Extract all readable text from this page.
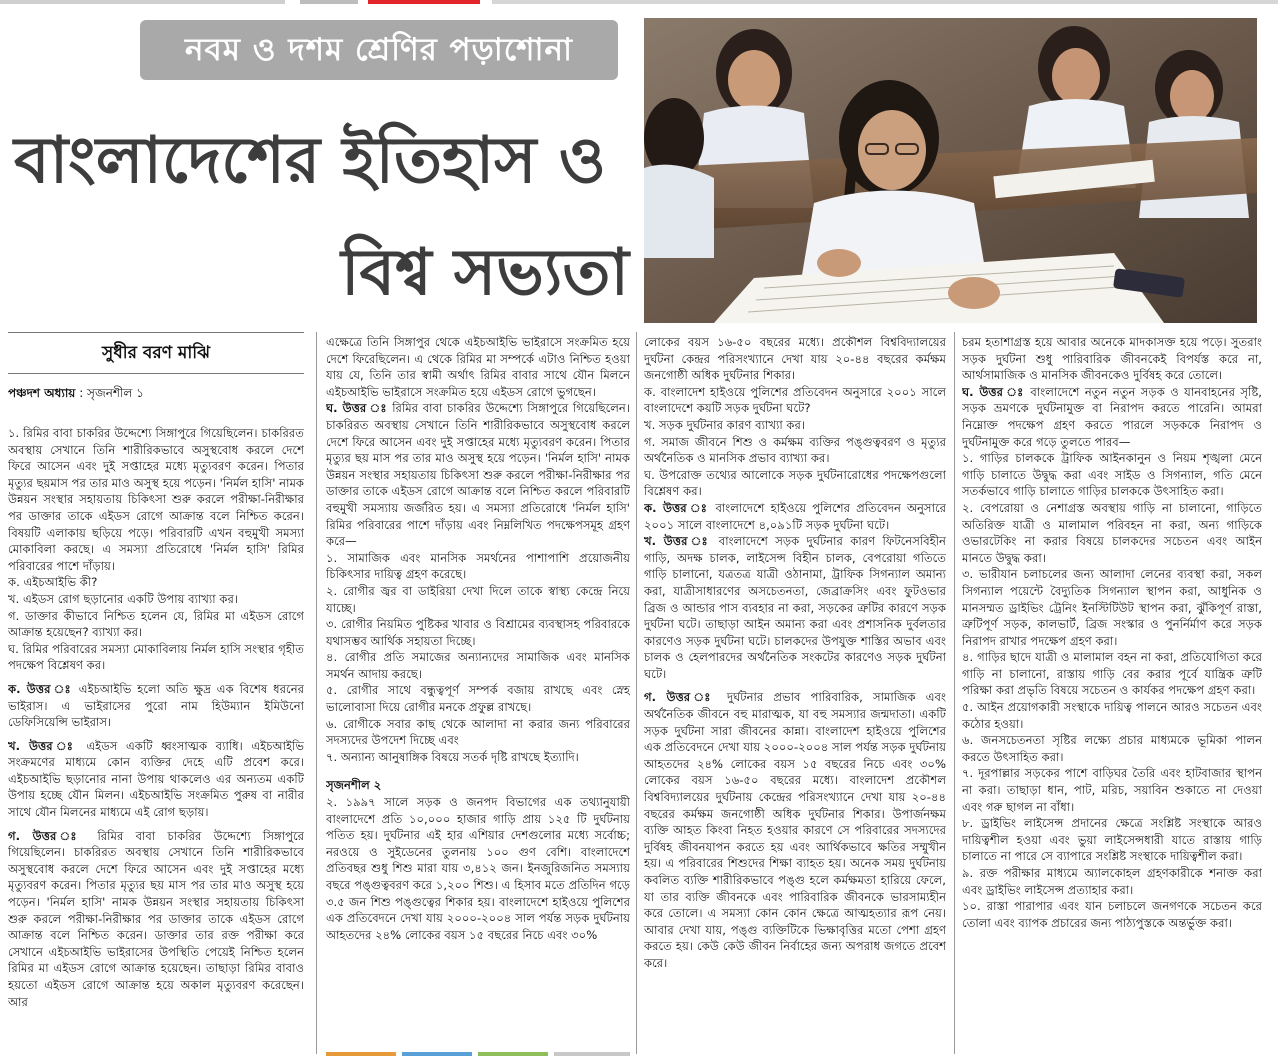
নবম ও দশম শ্রেণির পড়াশোনা
বাংলাদেশের ইতিহাস ও
বিশ্ব সভ্যতা
সুধীর বরণ মাঝি
পঞ্চদশ অধ্যায় : সৃজনশীল ১

১. রিমির বাবা চাকরির উদ্দেশ্যে সিঙ্গাপুরে গিয়েছিলেন। চাকরিরত অবস্থায় সেখানে তিনি শারীরিকভাবে অসুস্থবোধ করলে দেশে ফিরে আসেন এবং দুই সপ্তাহের মধ্যে মৃত্যুবরণ করেন। পিতার মৃত্যুর ছয়মাস পর তার মাও অসুস্থ হয়ে পড়েন। 'নির্মল হাসি' নামক উন্নয়ন সংস্থার সহায়তায় চিকিৎসা শুরু করলে পরীক্ষা-নিরীক্ষার পর ডাক্তার তাকে এইডস রোগে আক্রান্ত বলে নিশ্চিত করেন। বিষয়টি এলাকায় ছড়িয়ে পড়ে। পরিবারটি এখন বহুমুখী সমস্যা মোকাবিলা করছে। এ সমস্যা প্রতিরোধে 'নির্মল হাসি' রিমির পরিবারের পাশে দাঁড়ায়।

ক. এইচআইভি কী?

খ. এইডস রোগ ছড়ানোর একটি উপায় ব্যাখ্যা কর।

গ. ডাক্তার কীভাবে নিশ্চিত হলেন যে, রিমির মা এইডস রোগে আক্রান্ত হয়েছেন? ব্যাখ্যা কর।

ঘ. রিমির পরিবারের সমস্যা মোকাবিলায় নির্মল হাসি সংস্থার গৃহীত পদক্ষেপ বিশ্লেষণ কর।

ক. উত্তর ঃ এইচআইভি হলো অতি ক্ষুদ্র এক বিশেষ ধরনের ভাইরাস। এ ভাইরাসের পুরো নাম হিউম্যান ইমিউনো ডেফিসিয়েন্সি ভাইরাস।

খ. উত্তর ঃ এইডস একটি ধ্বংসাত্মক ব্যাধি। এইচআইভি সংক্রমণের মাধ্যমে কোন ব্যক্তির দেহে এটি প্রবেশ করে। এইচআইভি ছড়ানোর নানা উপায় থাকলেও এর অন্যতম একটি উপায় হচ্ছে যৌন মিলন। এইচআইভি সংক্রমিত পুরুষ বা নারীর সাথে যৌন মিলনের মাধ্যমে এই রোগ ছড়ায়।

গ. উত্তর ঃ রিমির বাবা চাকরির উদ্দেশ্যে সিঙ্গাপুরে গিয়েছিলেন। চাকরিরত অবস্থায় সেখানে তিনি শারীরিকভাবে অসুস্থবোধ করলে দেশে ফিরে আসেন এবং দুই সপ্তাহের মধ্যে মৃত্যুবরণ করেন। পিতার মৃত্যুর ছয় মাস পর তার মাও অসুস্থ হয়ে পড়েন। 'নির্মল হাসি' নামক উন্নয়ন সংস্থার সহায়তায় চিকিৎসা শুরু করলে পরীক্ষা-নিরীক্ষার পর ডাক্তার তাকে এইডস রোগে আক্রান্ত বলে নিশ্চিত করেন। ডাক্তার তার রক্ত পরীক্ষা করে সেখানে এইচআইভি ভাইরাসের উপস্থিতি পেয়েই নিশ্চিত হলেন রিমির মা এইডস রোগে আক্রান্ত হয়েছেন। তাছাড়া রিমির বাবাও হয়তো এইডস রোগে আক্রান্ত হয়ে অকাল মৃত্যুবরণ করেছেন। আর

এক্ষেত্রে তিনি সিঙ্গাপুর থেকে এইচআইভি ভাইরাসে সংক্রমিত হয়ে দেশে ফিরেছিলেন। এ থেকে রিমির মা সম্পর্কে এটাও নিশ্চিত হওয়া যায় যে, তিনি তার স্বামী অর্থাৎ রিমির বাবার সাথে যৌন মিলনে এইচআইভি ভাইরাসে সংক্রমিত হয়ে এইডস রোগে ভুগছেন।

ঘ. উত্তর ঃ রিমির বাবা চাকরির উদ্দেশ্যে সিঙ্গাপুরে গিয়েছিলেন। চাকরিরত অবস্থায় সেখানে তিনি শারীরিকভাবে অসুস্থবোধ করলে দেশে ফিরে আসেন এবং দুই সপ্তাহের মধ্যে মৃত্যুবরণ করেন। পিতার মৃত্যুর ছয় মাস পর তার মাও অসুস্থ হয়ে পড়েন। 'নির্মল হাসি' নামক উন্নয়ন সংস্থার সহায়তায় চিকিৎসা শুরু করলে পরীক্ষা-নিরীক্ষার পর ডাক্তার তাকে এইডস রোগে আক্রান্ত বলে নিশ্চিত করলে পরিবারটি বহুমুখী সমস্যায় জর্জরিত হয়। এ সমস্যা প্রতিরোধে 'নির্মল হাসি' রিমির পরিবারের পাশে দাঁড়ায় এবং নিম্নলিখিত পদক্ষেপসমূহ গ্রহণ করে—

১. সামাজিক এবং মানসিক সমর্থনের পাশাপাশি প্রয়োজনীয় চিকিৎসার দায়িত্ব গ্রহণ করেছে।

২. রোগীর জ্বর বা ডাইরিয়া দেখা দিলে তাকে স্বাস্থ্য কেন্দ্রে নিয়ে যাচ্ছে।

৩. রোগীর নিয়মিত পুষ্টিকর খাবার ও বিশ্রামের ব্যবস্থাসহ পরিবারকে যথাসম্ভব আর্থিক সহায়তা দিচ্ছে।

৪. রোগীর প্রতি সমাজের অন্যান্যদের সামাজিক এবং মানসিক সমর্থন আদায় করছে।

৫. রোগীর সাথে বন্ধুত্বপূর্ণ সম্পর্ক বজায় রাখছে এবং স্নেহ ভালোবাসা দিয়ে রোগীর মনকে প্রফুল্ল রাখছে।

৬. রোগীকে সবার কাছ থেকে আলাদা না করার জন্য পরিবারের সদস্যদের উপদেশ দিচ্ছে এবং

৭. অন্যান্য আনুষাঙ্গিক বিষয়ে সতর্ক দৃষ্টি রাখছে ইত্যাদি।

সৃজনশীল ২

২. ১৯৯৭ সালে সড়ক ও জনপদ বিভাগের এক তথ্যানুযায়ী বাংলাদেশে প্রতি ১০,০০০ হাজার গাড়ি প্রায় ১২৫ টি দুর্ঘটনায় পতিত হয়। দুর্ঘটনার এই হার এশিয়ার দেশগুলোর মধ্যে সর্বোচ্চ; নরওয়ে ও সুইডেনের তুলনায় ১০০ গুণ বেশি। বাংলাদেশে প্রতিবছর শুধু শিশু মারা যায় ৩,৪১২ জন। ইনজুরিজনিত সমস্যায় বছরে পঙ্গুত্ববরণ করে ১,২০০ শিশু। এ হিসাব মতে প্রতিদিন গড়ে ৩.৫ জন শিশু পঙ্গুত্বের শিকার হয়। বাংলাদেশে হাইওয়ে পুলিশের এক প্রতিবেদনে দেখা যায় ২০০০-২০০৪ সাল পর্যন্ত সড়ক দুর্ঘটনায় আহতদের ২৪% লোকের বয়স ১৫ বছরের নিচে এবং ৩০%

লোকের বয়স ১৬-৫০ বছরের মধ্যে। প্রকৌশল বিশ্ববিদ্যালয়ের দুর্ঘটনা কেন্দ্রর পরিসংখ্যানে দেখা যায় ২০-৪৪ বছরের কর্মক্ষম জনগোষ্ঠী অধিক দুর্ঘটনার শিকার।

ক. বাংলাদেশ হাইওয়ে পুলিশের প্রতিবেদন অনুসারে ২০০১ সালে বাংলাদেশে কয়টি সড়ক দুর্ঘটনা ঘটে?

খ. সড়ক দুর্ঘটনার কারণ ব্যাখ্যা কর।

গ. সমাজ জীবনে শিশু ও কর্মক্ষম ব্যক্তির পঙ্গুত্ববরণ ও মৃত্যুর অর্থনৈতিক ও মানসিক প্রভাব ব্যাখ্যা কর।

ঘ. উপরোক্ত তথ্যের আলোকে সড়ক দুর্ঘটনারোধের পদক্ষেপগুলো বিশ্লেষণ কর।

ক. উত্তর ঃ বাংলাদেশে হাইওয়ে পুলিশের প্রতিবেদন অনুসারে ২০০১ সালে বাংলাদেশে ৪,০৯১টি সড়ক দুর্ঘটনা ঘটে।

খ. উত্তর ঃ বাংলাদেশে সড়ক দুর্ঘটনার কারণ ফিটনেসবিহীন গাড়ি, অদক্ষ চালক, লাইসেন্স বিহীন চালক, বেপরোয়া গতিতে গাড়ি চালানো, যত্রতত্র যাত্রী ওঠানামা, ট্রাফিক সিগন্যাল অমান্য করা, যাত্রীসাধারণের অসচেতনতা, জেব্রাক্রসিং এবং ফুটওভার ব্রিজ ও আন্ডার পাস ব্যবহার না করা, সড়কের ত্রুটির কারণে সড়ক দুর্ঘটনা ঘটে। তাছাড়া আইন অমান্য করা এবং প্রশাসনিক দুর্বলতার কারণেও সড়ক দুর্ঘটনা ঘটে। চালকদের উপযুক্ত শাস্তির অভাব এবং চালক ও হেলপারদের অর্থনৈতিক সংকটের কারণেও সড়ক দুর্ঘটনা ঘটে।

গ. উত্তর ঃ দুর্ঘটনার প্রভাব পারিবারিক, সামাজিক এবং অর্থনৈতিক জীবনে বহু মারাত্মক, যা বহু সমস্যার জন্মদাতা। একটি সড়ক দুর্ঘটনা সারা জীবনের কান্না। বাংলাদেশ হাইওয়ে পুলিশের এক প্রতিবেদনে দেখা যায় ২০০০-২০০৪ সাল পর্যন্ত সড়ক দুর্ঘটনায় আহতদের ২৪% লোকের বয়স ১৫ বছরের নিচে এবং ৩০% লোকের বয়স ১৬-৫০ বছরের মধ্যে। বাংলাদেশ প্রকৌশল বিশ্ববিদ্যালয়ের দুর্ঘটনায় কেন্দ্রের পরিসংখ্যানে দেখা যায় ২০-৪৪ বছরের কর্মক্ষম জনগোষ্ঠী অধিক দুর্ঘটনার শিকার। উপার্জনক্ষম ব্যক্তি আহত কিংবা নিহত হওয়ার কারণে সে পরিবারের সদস্যদের দুর্বিষহ জীবনযাপন করতে হয় এবং আর্থিকভাবে ক্ষতির সম্মুখীন হয়। এ পরিবারের শিশুদের শিক্ষা ব্যাহত হয়। অনেক সময় দুর্ঘটনায় কবলিত ব্যক্তি শারীরিকভাবে পঙ্গু হলে কর্মক্ষমতা হারিয়ে ফেলে, যা তার ব্যক্তি জীবনকে এবং পারিবারিক জীবনকে ভারসাম্যহীন করে তোলে। এ সমস্যা কোন কোন ক্ষেত্রে আত্মহত্যার রূপ নেয়। আবার দেখা যায়, পঙ্গু ব্যক্তিটিকে ভিক্ষাবৃত্তির মতো পেশা গ্রহণ করতে হয়। কেউ কেউ জীবন নির্বাহের জন্য অপরাধ জগতে প্রবেশ করে।

চরম হতাশাগ্রস্ত হয়ে আবার অনেকে মাদকাসক্ত হয়ে পড়ে। সুতরাং সড়ক দুর্ঘটনা শুধু পারিবারিক জীবনকেই বিপর্যস্ত করে না, আর্থসামাজিক ও মানসিক জীবনকেও দুর্বিষহ করে তোলে।

ঘ. উত্তর ঃ বাংলাদেশে নতুন নতুন সড়ক ও যানবাহনের সৃষ্টি, সড়ক ভ্রমণকে দুর্ঘটনামুক্ত বা নিরাপদ করতে পারেনি। আমরা নিম্নোক্ত পদক্ষেপ গ্রহণ করতে পারলে সড়ককে নিরাপদ ও দুর্ঘটনামুক্ত করে গড়ে তুলতে পারব—

১. গাড়ির চালককে ট্রাফিক আইনকানুন ও নিয়ম শৃঙ্খলা মেনে গাড়ি চালাতে উদ্বুদ্ধ করা এবং সাইড ও সিগন্যাল, গতি মেনে সতর্কভাবে গাড়ি চালাতে গাড়ির চালককে উৎসাহিত করা।

২. বেপরোয়া ও নেশাগ্রস্ত অবস্থায় গাড়ি না চালানো, গাড়িতে অতিরিক্ত যাত্রী ও মালামাল পরিবহন না করা, অন্য গাড়িকে ওভারটেকিং না করার বিষয়ে চালকদের সচেতন এবং আইন মানতে উদ্বুদ্ধ করা।

৩. ভারীযান চলাচলের জন্য আলাদা লেনের ব্যবস্থা করা, সকল সিগন্যাল পয়েন্টে বৈদ্যুতিক সিগন্যাল স্থাপন করা, আধুনিক ও মানসম্মত ড্রাইভিং ট্রেনিং ইনস্টিটিউট স্থাপন করা, ঝুঁকিপূর্ণ রাস্তা, ত্রুটিপূর্ণ সড়ক, কালভার্ট, ব্রিজ সংস্কার ও পুনর্নির্মাণ করে সড়ক নিরাপদ রাখার পদক্ষেপ গ্রহণ করা।

৪. গাড়ির ছাদে যাত্রী ও মালামাল বহন না করা, প্রতিযোগিতা করে গাড়ি না চালানো, রাস্তায় গাড়ি বের করার পূর্বে যান্ত্রিক ত্রুটি পরিক্ষা করা প্রভৃতি বিষয়ে সচেতন ও কার্যকর পদক্ষেপ গ্রহণ করা।

৫. আইন প্রয়োগকারী সংস্থাকে দায়িত্ব পালনে আরও সচেতন এবং কঠোর হওয়া।

৬. জনসচেতনতা সৃষ্টির লক্ষ্যে প্রচার মাধ্যমকে ভূমিকা পালন করতে উৎসাহিত করা।

৭. দূরপাল্লার সড়কের পাশে বাড়িঘর তৈরি এবং হাটবাজার স্থাপন না করা। তাছাড়া ধান, পাট, মরিচ, সয়াবিন শুকাতে না দেওয়া এবং গরু ছাগল না বাঁধা।

৮. ড্রাইভিং লাইসেন্স প্রদানের ক্ষেত্রে সংশ্লিষ্ট সংস্থাকে আরও দায়িত্বশীল হওয়া এবং ভুয়া লাইসেন্সধারী যাতে রাস্তায় গাড়ি চালাতে না পারে সে ব্যাপারে সংশ্লিষ্ট সংস্থাকে দায়িত্বশীল করা।

৯. রক্ত পরীক্ষার মাধ্যমে অ্যালকোহল গ্রহণকারীকে শনাক্ত করা এবং ড্রাইভিং লাইসেন্স প্রত্যাহার করা।

১০. রাস্তা পারাপার এবং যান চলাচলে জনগণকে সচেতন করে তোলা এবং ব্যাপক প্রচারের জন্য পাঠ্যপুস্তকে অন্তর্ভুক্ত করা।
